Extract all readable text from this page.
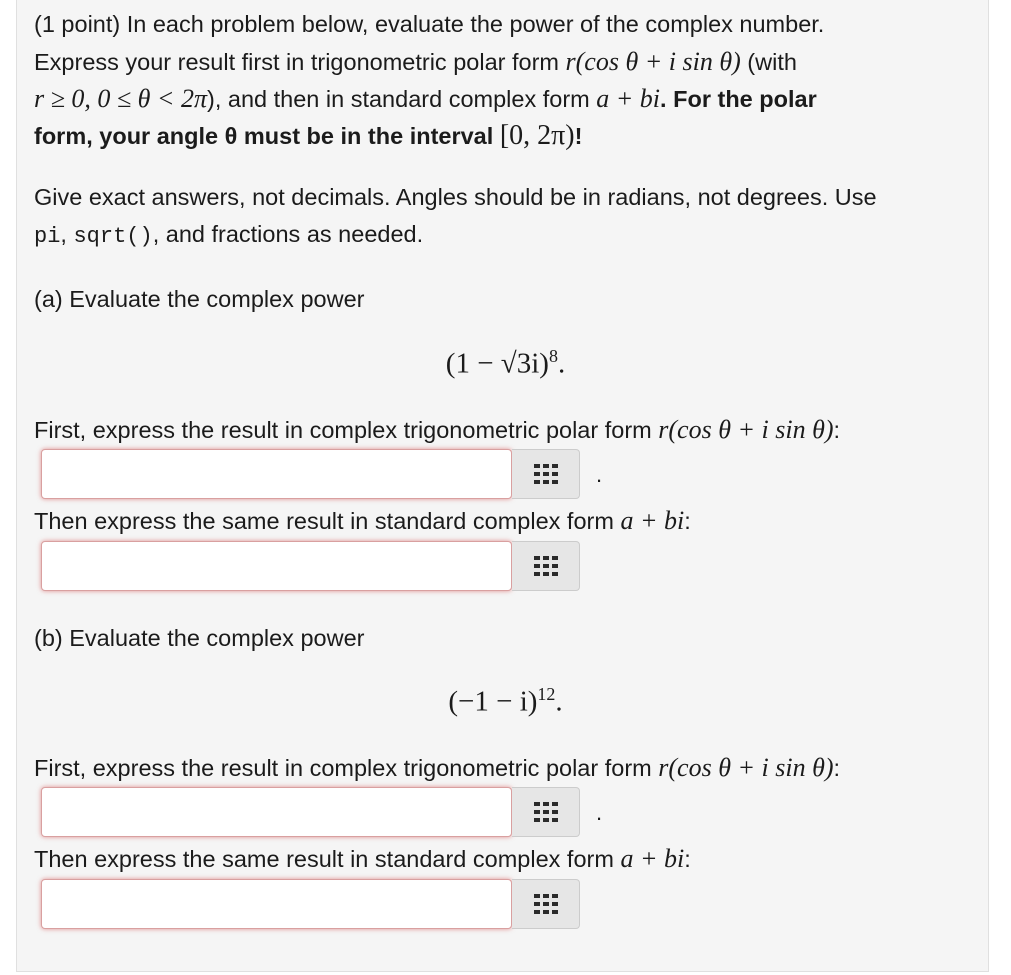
(1 point) In each problem below, evaluate the power of the complex number.
Express your result first in trigonometric polar form r(cos θ + i sin θ) (with
r ≥ 0, 0 ≤ θ < 2π), and then in standard complex form a + bi. For the polar
form, your angle θ must be in the interval [0, 2π)!
Give exact answers, not decimals. Angles should be in radians, not degrees. Use
pi, sqrt(), and fractions as needed.
(a) Evaluate the complex power
$(1 - √3i)^8$.
First, express the result in complex trigonometric polar form r(cos θ + i sin θ):
.
Then express the same result in standard complex form a + bi:
(b) Evaluate the complex power
$(-1 - i)^{12}$.
First, express the result in complex trigonometric polar form r(cos θ + i sin θ):
.
Then express the same result in standard complex form a + bi:
